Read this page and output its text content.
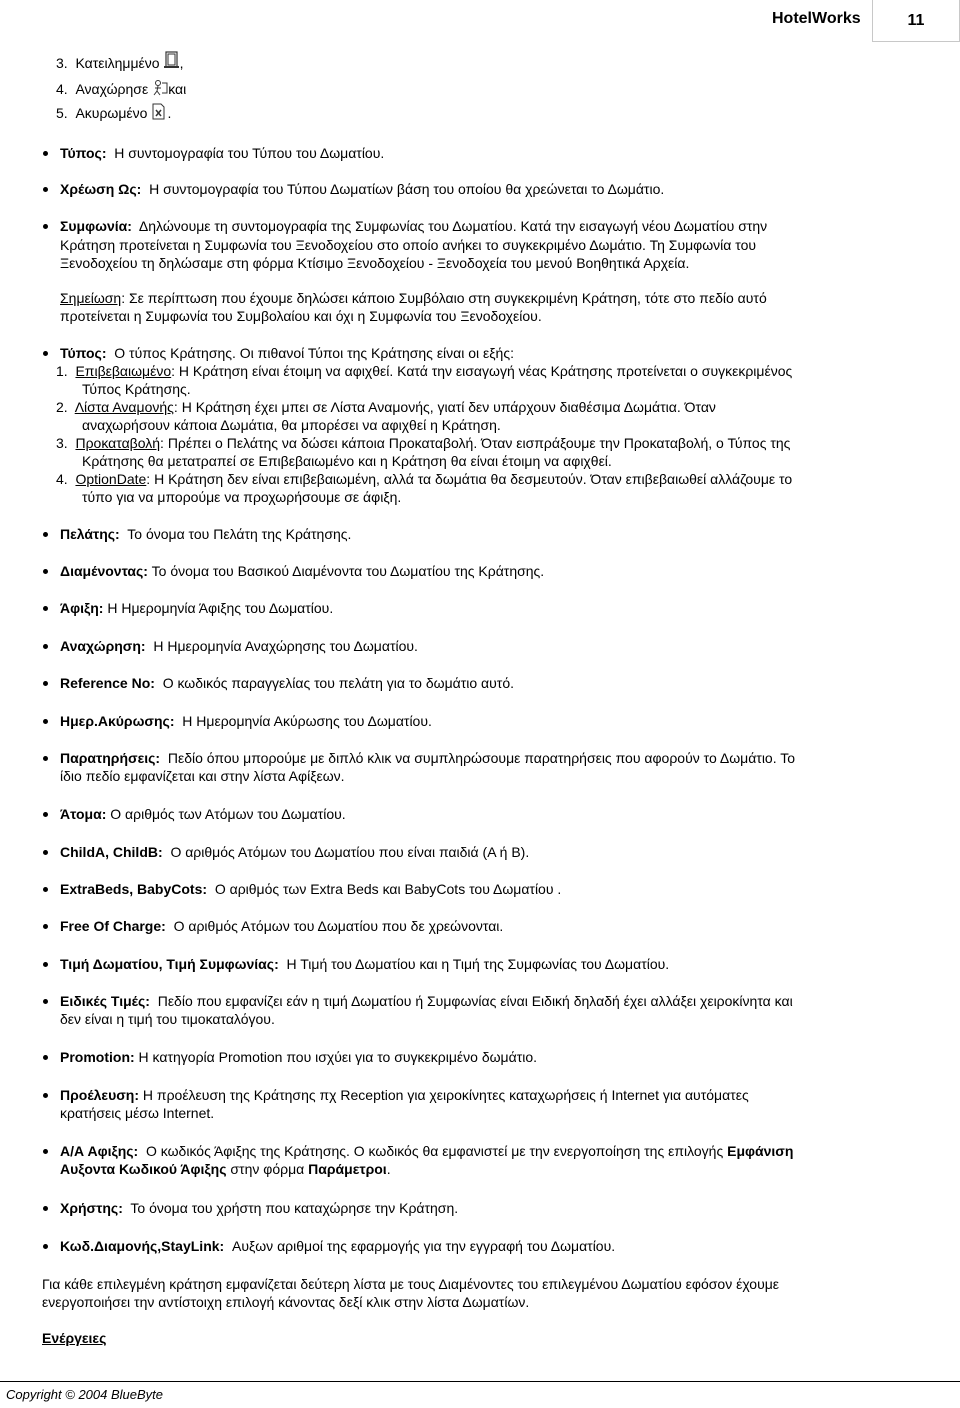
HotelWorks	11
3. Κατειλημμένο ,
4. Αναχώρησε και
5. Ακυρωμένο .
Τύπος: Η συντομογραφία του Τύπου του Δωματίου.
Χρέωση Ως: Η συντομογραφία του Τύπου Δωματίων βάση του οποίου θα χρεώνεται το Δωμάτιο.
Συμφωνία: Δηλώνουμε τη συντομογραφία της Συμφωνίας του Δωματίου. Κατά την εισαγωγή νέου Δωματίου στην
Κράτηση προτείνεται η Συμφωνία του Ξενοδοχείου στο οποίο ανήκει το συγκεκριμένο Δωμάτιο. Τη Συμφωνία του
Ξενοδοχείου τη δηλώσαμε στη φόρμα Κτίσιμο Ξενοδοχείου - Ξενοδοχεία του μενού Βοηθητικά Αρχεία.
Σημείωση: Σε περίπτωση που έχουμε δηλώσει κάποιο Συμβόλαιο στη συγκεκριμένη Κράτηση, τότε στο πεδίο αυτό
προτείνεται η Συμφωνία του Συμβολαίου και όχι η Συμφωνία του Ξενοδοχείου.
Τύπος: Ο τύπος Κράτησης. Οι πιθανοί Τύποι της Κράτησης είναι οι εξής:
1. Επιβεβαιωμένο: Η Κράτηση είναι έτοιμη να αφιχθεί. Κατά την εισαγωγή νέας Κράτησης προτείνεται ο συγκεκριμένος
Τύπος Κράτησης.
2. Λίστα Αναμονής: Η Κράτηση έχει μπει σε Λίστα Αναμονής, γιατί δεν υπάρχουν διαθέσιμα Δωμάτια. Όταν
αναχωρήσουν κάποια Δωμάτια, θα μπορέσει να αφιχθεί η Κράτηση.
3. Προκαταβολή: Πρέπει ο Πελάτης να δώσει κάποια Προκαταβολή. Όταν εισπράξουμε την Προκαταβολή, ο Τύπος της
Κράτησης θα μετατραπεί σε Επιβεβαιωμένο και η Κράτηση θα είναι έτοιμη να αφιχθεί.
4. OptionDate: Η Κράτηση δεν είναι επιβεβαιωμένη, αλλά τα δωμάτια θα δεσμευτούν. Όταν επιβεβαιωθεί αλλάζουμε το
τύπο για να μπορούμε να προχωρήσουμε σε άφιξη.
Πελάτης: Το όνομα του Πελάτη της Κράτησης.
Διαμένοντας: Το όνομα του Βασικού Διαμένοντα του Δωματίου της Κράτησης.
Άφιξη: Η Ημερομηνία Άφιξης του Δωματίου.
Αναχώρηση: Η Ημερομηνία Αναχώρησης του Δωματίου.
Reference No: Ο κωδικός παραγγελίας του πελάτη για το δωμάτιο αυτό.
Ημερ.Ακύρωσης: Η Ημερομηνία Ακύρωσης του Δωματίου.
Παρατηρήσεις: Πεδίο όπου μπορούμε με διπλό κλικ να συμπληρώσουμε παρατηρήσεις που αφορούν το Δωμάτιο. Το
ίδιο πεδίο εμφανίζεται και στην λίστα Αφίξεων.
Άτομα: Ο αριθμός των Ατόμων του Δωματίου.
ChildA, ChildB: Ο αριθμός Ατόμων του Δωματίου που είναι παιδιά (A ή B).
ExtraBeds, BabyCots: Ο αριθμός των Extra Beds και BabyCots του Δωματίου .
Free Of Charge: Ο αριθμός Ατόμων του Δωματίου που δε χρεώνονται.
Τιμή Δωματίου, Τιμή Συμφωνίας: Η Τιμή του Δωματίου και η Τιμή της Συμφωνίας του Δωματίου.
Ειδικές Τιμές: Πεδίο που εμφανίζει εάν η τιμή Δωματίου ή Συμφωνίας είναι Ειδική δηλαδή έχει αλλάξει χειροκίνητα και
δεν είναι η τιμή του τιμοκαταλόγου.
Promotion: Η κατηγορία Promotion που ισχύει για το συγκεκριμένο δωμάτιο.
Προέλευση: Η προέλευση της Κράτησης πχ Reception για χειροκίνητες καταχωρήσεις ή Internet για αυτόματες
κρατήσεις μέσω Internet.
Α/Α Αφιξης: Ο κωδικός Άφιξης της Κράτησης. Ο κωδικός θα εμφανιστεί με την ενεργοποίηση της επιλογής Εμφάνιση
Αυξοντα Κωδικού Άφιξης στην φόρμα Παράμετροι.
Χρήστης: Το όνομα του χρήστη που καταχώρησε την Κράτηση.
Κωδ.Διαμονής,StayLink: Αυξων αριθμοί της εφαρμογής για την εγγραφή του Δωματίου.
Για κάθε επιλεγμένη κράτηση εμφανίζεται δεύτερη λίστα με τους Διαμένοντες του επιλεγμένου Δωματίου εφόσον έχουμε
ενεργοποιήσει την αντίστοιχη επιλογή κάνοντας δεξί κλικ στην λίστα Δωματίων.
Ενέργειες
Copyright © 2004 BlueByte
